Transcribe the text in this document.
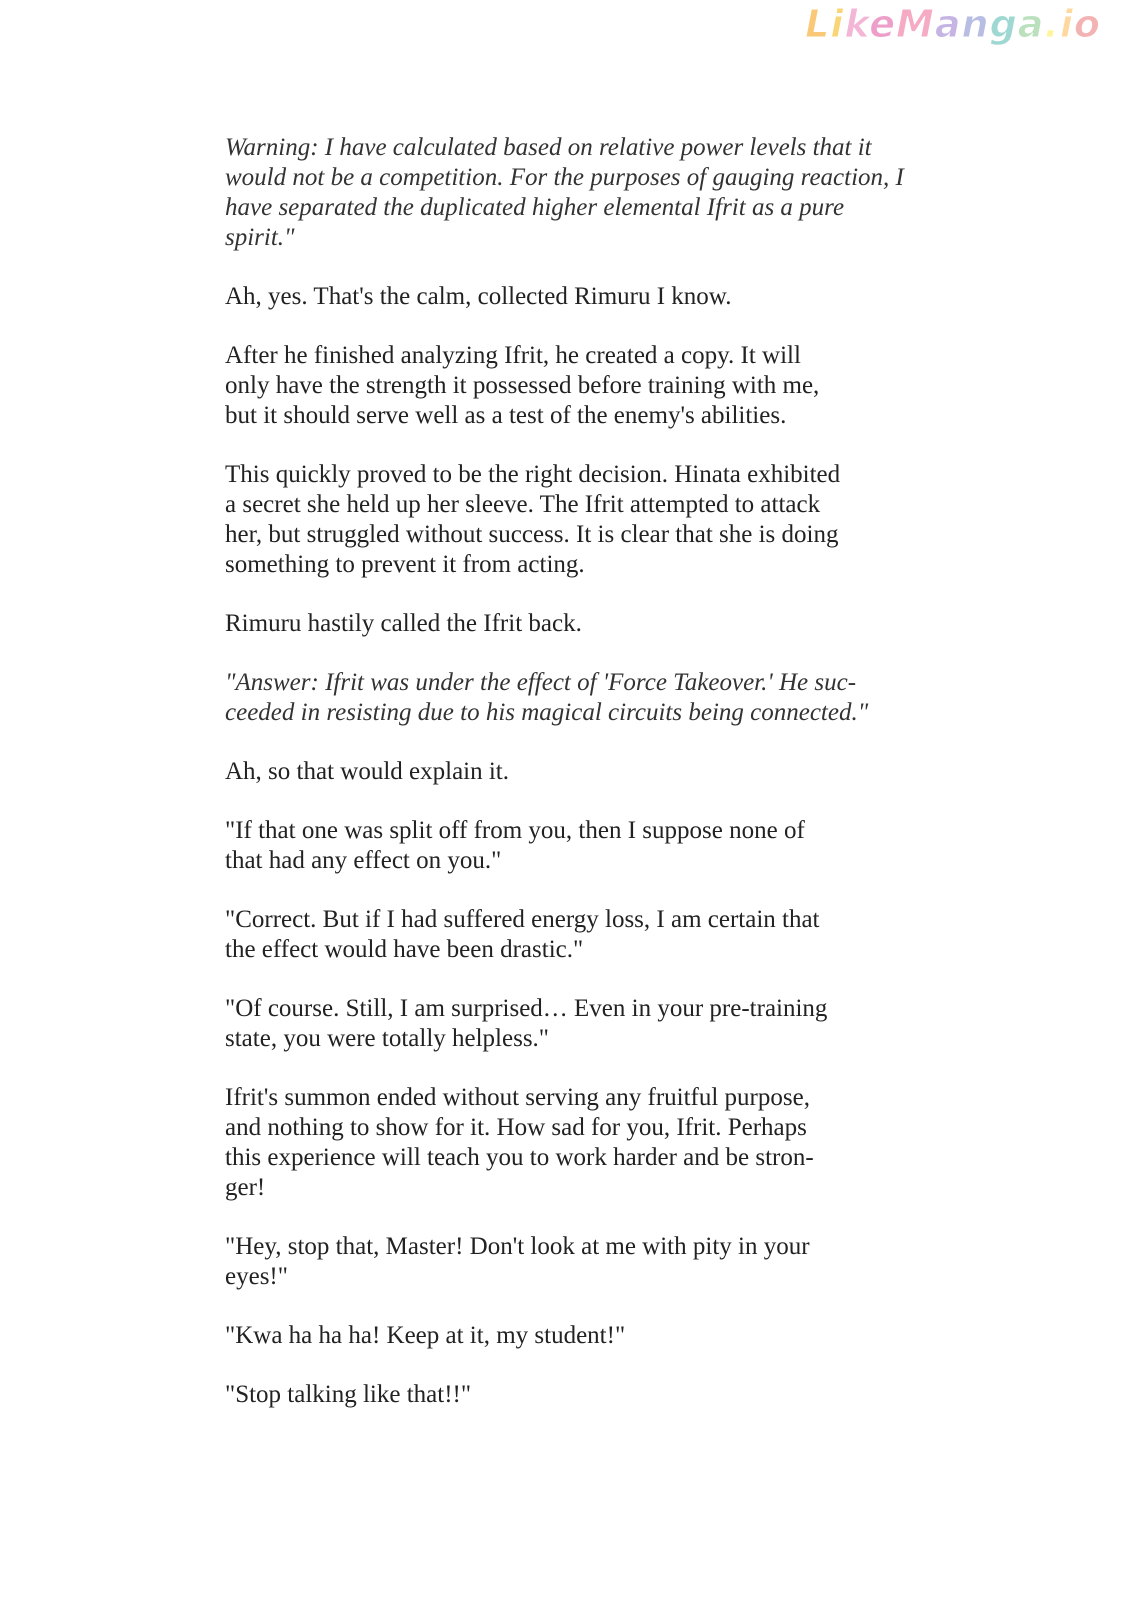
LikeManga.io

Warning: I have calculated based on relative power levels that it
would not be a competition. For the purposes of gauging reaction, I
have separated the duplicated higher elemental Ifrit as a pure spirit."

Ah, yes. That's the calm, collected Rimuru I know.

After he finished analyzing Ifrit, he created a copy. It will
only have the strength it possessed before training with me,
but it should serve well as a test of the enemy's abilities.

This quickly proved to be the right decision. Hinata exhibited
a secret she held up her sleeve. The Ifrit attempted to attack
her, but struggled without success. It is clear that she is doing
something to prevent it from acting.

Rimuru hastily called the Ifrit back.

"Answer: Ifrit was under the effect of 'Force Takeover.' He suc-
ceeded in resisting due to his magical circuits being connected."

Ah, so that would explain it.

"If that one was split off from you, then I suppose none of
that had any effect on you."

"Correct. But if I had suffered energy loss, I am certain that
the effect would have been drastic."

"Of course. Still, I am surprised… Even in your pre-training
state, you were totally helpless."

Ifrit's summon ended without serving any fruitful purpose,
and nothing to show for it. How sad for you, Ifrit. Perhaps
this experience will teach you to work harder and be stron-
ger!

"Hey, stop that, Master! Don't look at me with pity in your
eyes!"

"Kwa ha ha ha! Keep at it, my student!"

"Stop talking like that!!"
